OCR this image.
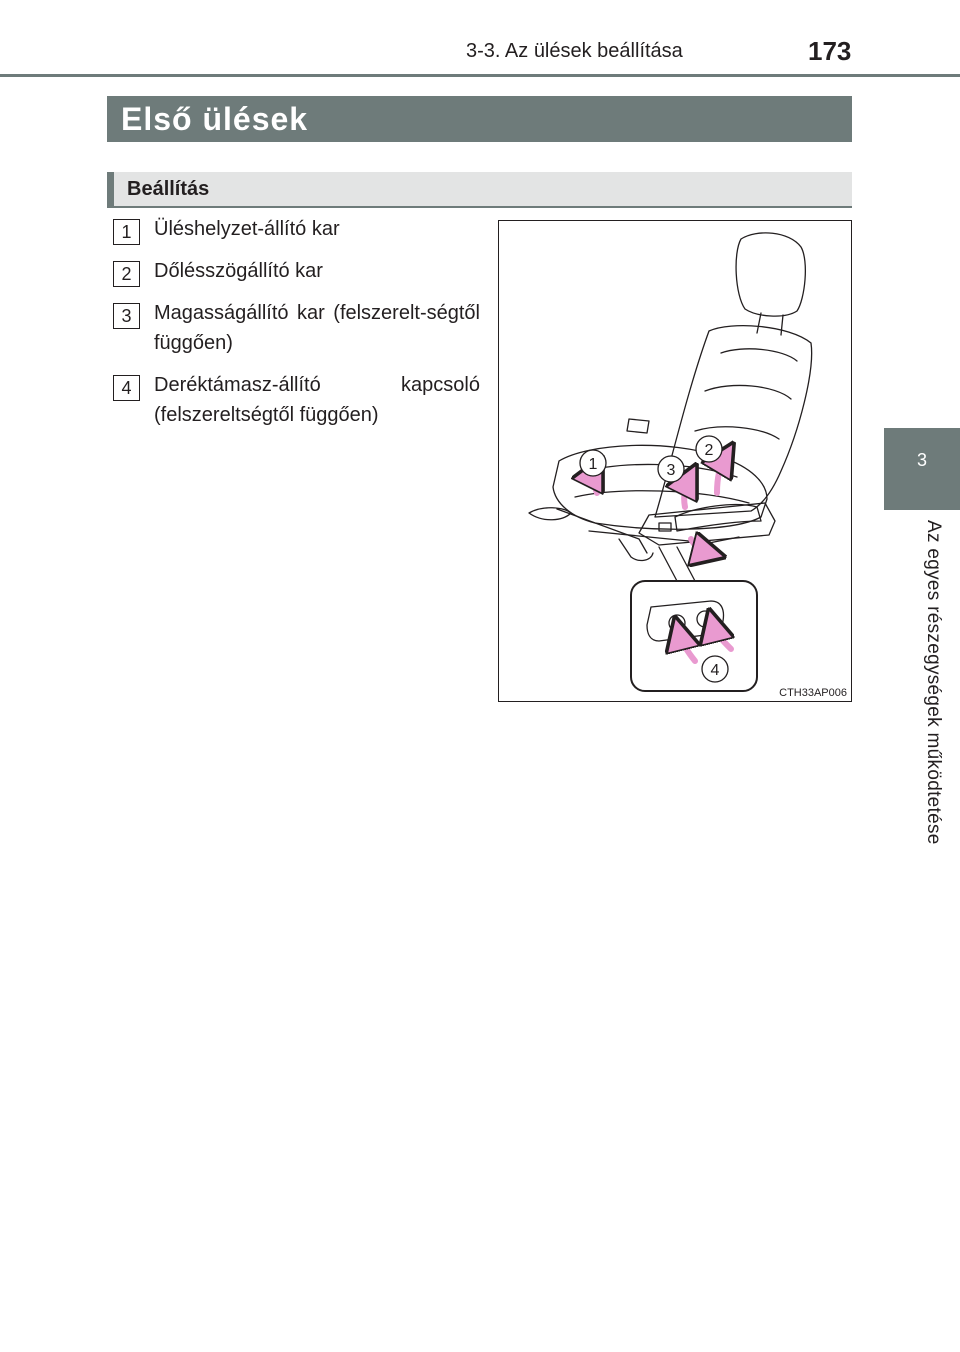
3-3. Az ülések beállítása	173
3
Az egyes részegységek működtetése
Első ülések
Beállítás
1	Üléshelyzet-állító kar
2	Dőlésszögállító kar
3	Magasságállító kar (felszerelt-ségtől függően)
4	Deréktámasz-állító kapcsoló (felszereltségtől függően)
1
2
3
4
CTH33AP006
